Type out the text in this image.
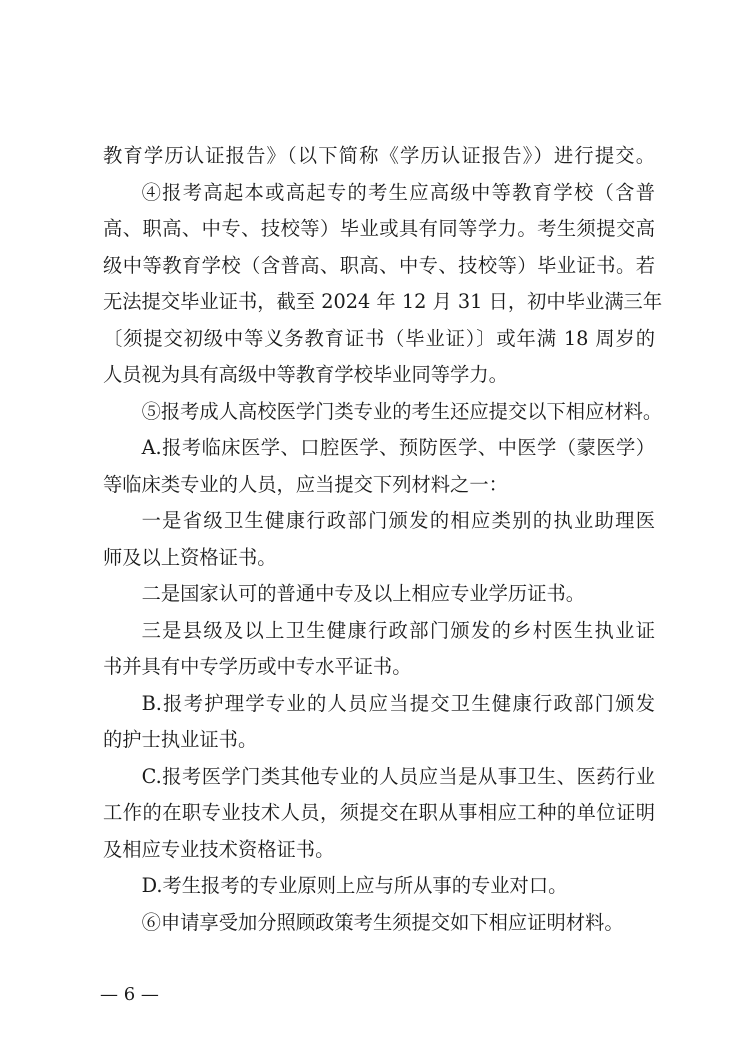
教育学历认证报告》（以下简称《学历认证报告》）进行提交。
④报考高起本或高起专的考生应高级中等教育学校（含普
高、职高、中专、技校等）毕业或具有同等学力。考生须提交高
级中等教育学校（含普高、职高、中专、技校等）毕业证书。若
无法提交毕业证书，截至 2024 年 12 月 31 日，初中毕业满三年
〔须提交初级中等义务教育证书（毕业证）〕或年满 18 周岁的
人员视为具有高级中等教育学校毕业同等学力。
⑤报考成人高校医学门类专业的考生还应提交以下相应材料。
A.报考临床医学、口腔医学、预防医学、中医学（蒙医学）
等临床类专业的人员，应当提交下列材料之一：
一是省级卫生健康行政部门颁发的相应类别的执业助理医
师及以上资格证书。
二是国家认可的普通中专及以上相应专业学历证书。
三是县级及以上卫生健康行政部门颁发的乡村医生执业证
书并具有中专学历或中专水平证书。
B.报考护理学专业的人员应当提交卫生健康行政部门颁发
的护士执业证书。
C.报考医学门类其他专业的人员应当是从事卫生、医药行业
工作的在职专业技术人员，须提交在职从事相应工种的单位证明
及相应专业技术资格证书。
D.考生报考的专业原则上应与所从事的专业对口。
⑥申请享受加分照顾政策考生须提交如下相应证明材料。
— 6 —
